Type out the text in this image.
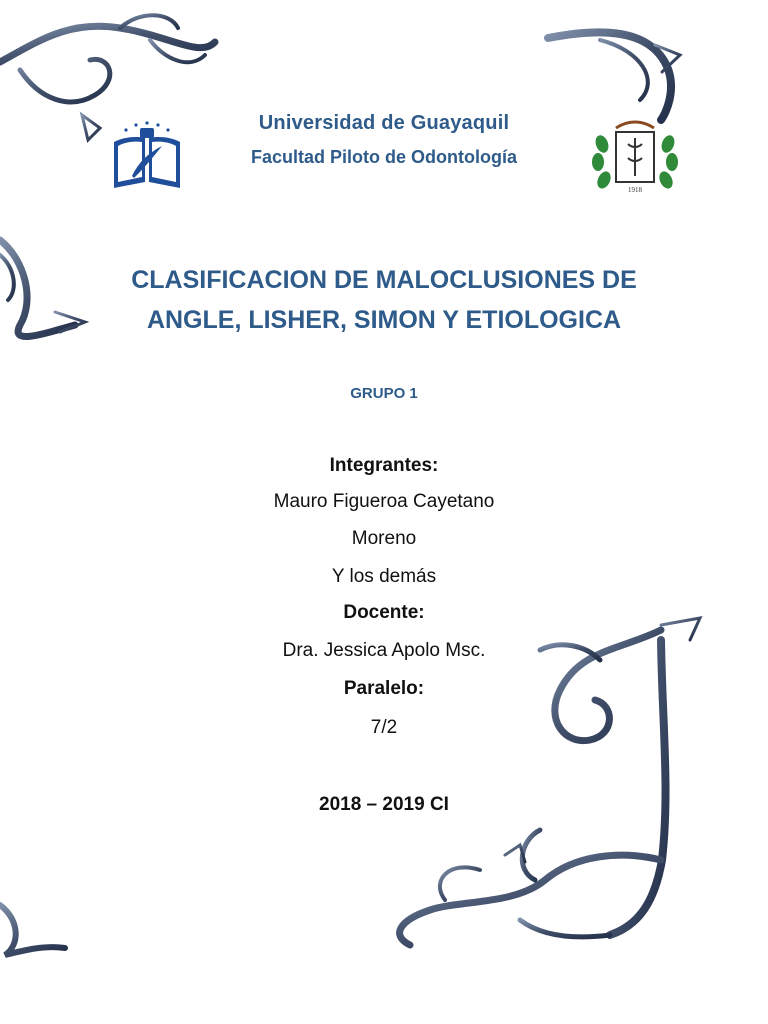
1918
Universidad de Guayaquil
Facultad Piloto de Odontología
CLASIFICACION DE MALOCLUSIONES DE
ANGLE, LISHER, SIMON Y ETIOLOGICA
GRUPO 1
Integrantes:
Mauro Figueroa Cayetano
Moreno
Y los demás
Docente:
Dra. Jessica Apolo Msc.
Paralelo:
7/2
2018 – 2019 CI
